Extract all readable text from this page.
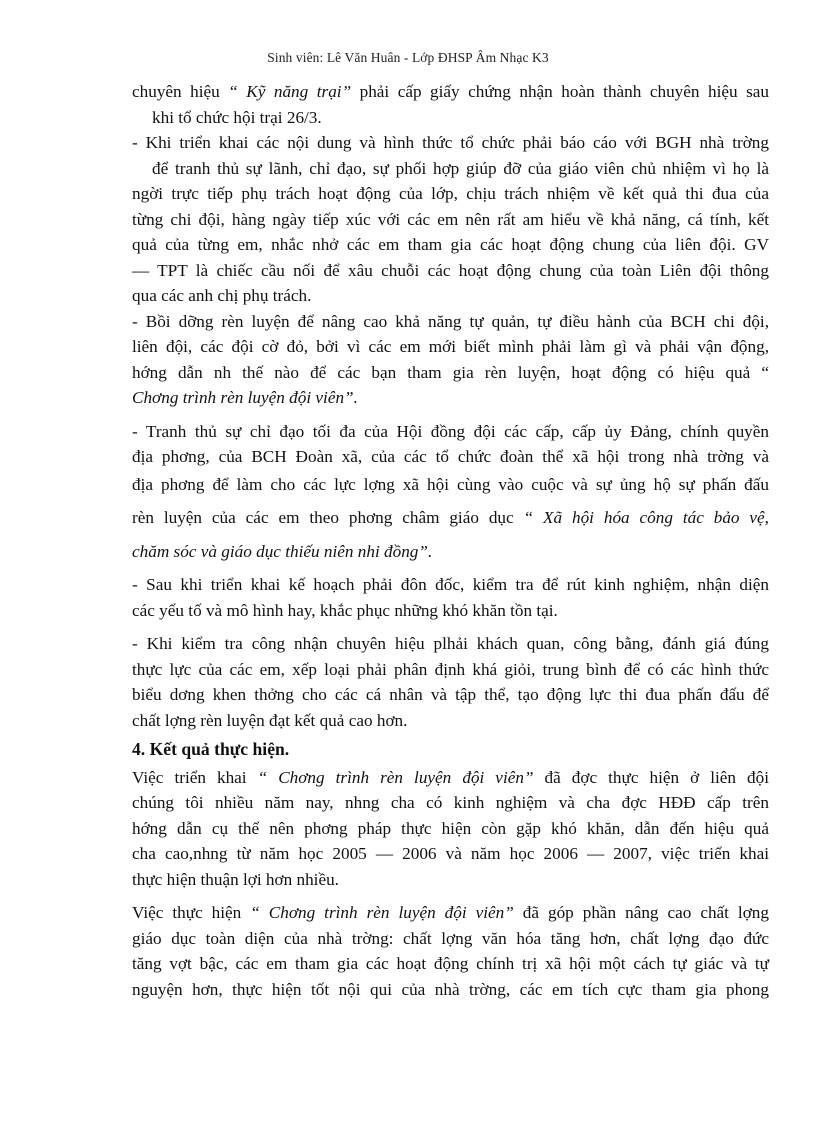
Sinh viên: Lê Văn Huân - Lớp ĐHSP Âm Nhạc K3
chuyên hiệu “ Kỹ năng trại” phải cấp giấy chứng nhận hoàn thành chuyên hiệu sau
khi tổ chức hội trại 26/3.
- Khi triển khai các nội dung và hình thức tổ chức phải báo cáo với BGH nhà trờng
để tranh thủ sự lãnh, chỉ đạo, sự phối hợp giúp đỡ của giáo viên chủ nhiệm vì họ là
ngời trực tiếp phụ trách hoạt động của lớp, chịu trách nhiệm về kết quả thi đua của
từng chi đội, hàng ngày tiếp xúc với các em nên rất am hiểu về khả năng, cá tính, kết
quả của từng em, nhắc nhở các em tham gia các hoạt động chung của liên đội. GV
— TPT là chiếc cầu nối để xâu chuỗi các hoạt động chung của toàn Liên đội thông
qua các anh chị phụ trách.
- Bồi dỡng rèn luyện để nâng cao khả năng tự quản, tự điều hành của BCH chi đội,
liên đội, các đội cờ đỏ, bởi vì các em mới biết mình phải làm gì và phải vận động,
hớng dẫn nh thế nào để các bạn tham gia rèn luyện, hoạt động có hiệu quả “
Chơng trình rèn luyện đội viên”.
- Tranh thủ sự chỉ đạo tối đa của Hội đồng đội các cấp, cấp ủy Đảng, chính quyền
địa phơng, của BCH Đoàn xã, của các tổ chức đoàn thể xã hội trong nhà trờng và
địa phơng để làm cho các lực lợng xã hội cùng vào cuộc và sự ủng hộ sự phấn đấu
rèn luyện của các em theo phơng châm giáo dục “ Xã hội hóa công tác bảo vệ,
chăm sóc và giáo dục thiếu niên nhi đồng”.
- Sau khi triển khai kế hoạch phải đôn đốc, kiểm tra để rút kinh nghiệm, nhận diện
các yếu tố và mô hình hay, khắc phục những khó khăn tồn tại.
- Khi kiểm tra công nhận chuyên hiệu plhải khách quan, công bằng, đánh giá đúng
thực lực của các em, xếp loại phải phân định khá giỏi, trung bình để có các hình thức
biểu dơng khen thởng cho các cá nhân và tập thể, tạo động lực thi đua phấn đấu để
chất lợng rèn luyện đạt kết quả cao hơn.
4. Kết quả thực hiện.
Việc triển khai “ Chơng trình rèn luyện đội viên” đã đợc thực hiện ở liên đội
chúng tôi nhiều năm nay, nhng cha có kinh nghiệm và cha đợc HĐĐ cấp trên
hớng dẫn cụ thể nên phơng pháp thực hiện còn gặp khó khăn, dẫn đến hiệu quả
cha cao,nhng từ năm học 2005 — 2006 và năm học 2006 — 2007, việc triển khai
thực hiện thuận lợi hơn nhiều.
Việc thực hiện “ Chơng trình rèn luyện đội viên” đã góp phần nâng cao chất lợng
giáo dục toàn diện của nhà trờng: chất lợng văn hóa tăng hơn, chất lợng đạo đức
tăng vợt bậc, các em tham gia các hoạt động chính trị xã hội một cách tự giác và tự
nguyện hơn, thực hiện tốt nội qui của nhà trờng, các em tích cực tham gia phong
